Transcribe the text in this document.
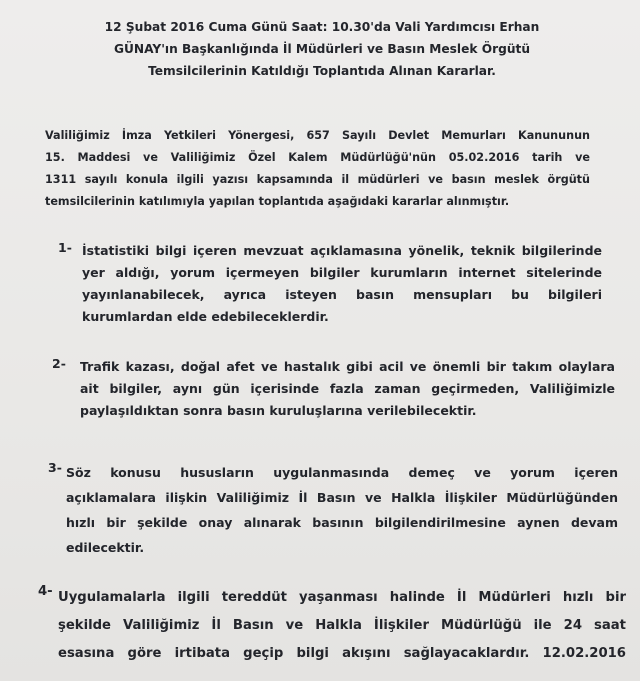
12 Şubat 2016 Cuma Günü Saat: 10.30'da Vali Yardımcısı Erhan
GÜNAY'ın Başkanlığında İl Müdürleri ve Basın Meslek Örgütü
Temsilcilerinin Katıldığı Toplantıda Alınan Kararlar.
Valiliğimiz İmza Yetkileri Yönergesi, 657 Sayılı Devlet Memurları Kanununun
15. Maddesi ve Valiliğimiz Özel Kalem Müdürlüğü'nün 05.02.2016 tarih ve
1311 sayılı konula ilgili yazısı kapsamında il müdürleri ve basın meslek örgütü
temsilcilerinin katılımıyla yapılan toplantıda aşağıdaki kararlar alınmıştır.
1- İstatistiki bilgi içeren mevzuat açıklamasına yönelik, teknik bilgilerinde
yer aldığı, yorum içermeyen bilgiler kurumların internet sitelerinde
yayınlanabilecek, ayrıca isteyen basın mensupları bu bilgileri
kurumlardan elde edebileceklerdir.
2- Trafik kazası, doğal afet ve hastalık gibi acil ve önemli bir takım olaylara
ait bilgiler, aynı gün içerisinde fazla zaman geçirmeden, Valiliğimizle
paylaşıldıktan sonra basın kuruluşlarına verilebilecektir.
3- Söz konusu hususların uygulanmasında demeç ve yorum içeren
açıklamalara ilişkin Valiliğimiz İl Basın ve Halkla İlişkiler Müdürlüğünden
hızlı bir şekilde onay alınarak basının bilgilendirilmesine aynen devam
edilecektir.
4- Uygulamalarla ilgili tereddüt yaşanması halinde İl Müdürleri hızlı bir
şekilde Valiliğimiz İl Basın ve Halkla İlişkiler Müdürlüğü ile 24 saat
esasına göre irtibata geçip bilgi akışını sağlayacaklardır. 12.02.2016
